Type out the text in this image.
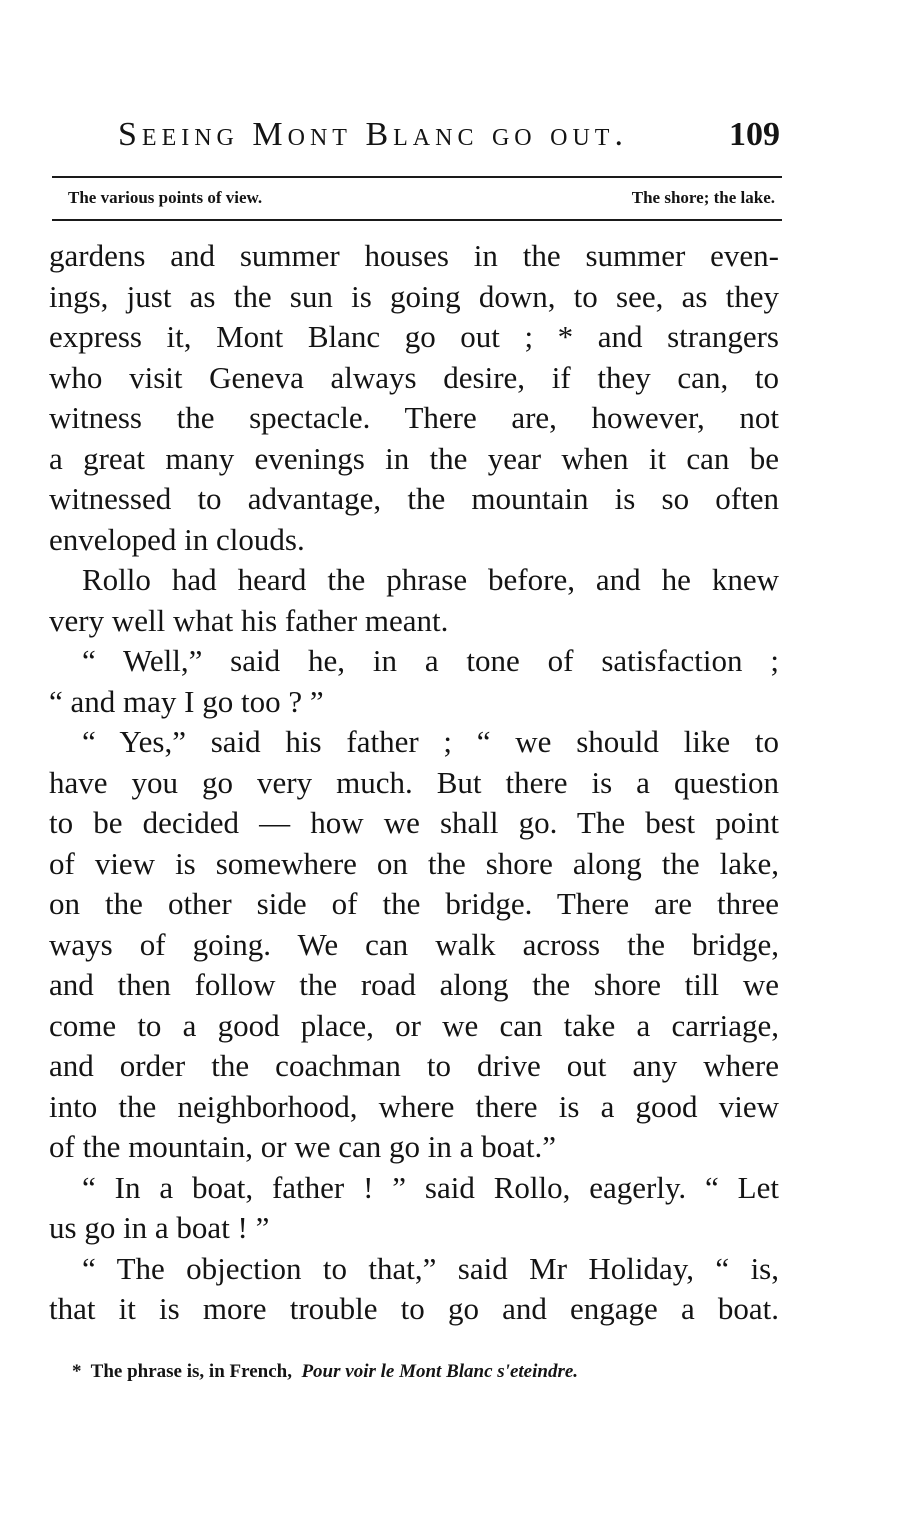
Seeing Mont Blanc go out.	109
The various points of view.	The shore; the lake.
gardens and summer houses in the summer even-
ings, just as the sun is going down, to see, as they
express it, Mont Blanc go out ; * and strangers
who visit Geneva always desire, if they can, to
witness the spectacle. There are, however, not
a great many evenings in the year when it can be
witnessed to advantage, the mountain is so often
enveloped in clouds.
Rollo had heard the phrase before, and he knew
very well what his father meant.
“ Well,” said he, in a tone of satisfaction ;
“ and may I go too ? ”
“ Yes,” said his father ; “ we should like to
have you go very much. But there is a question
to be decided — how we shall go. The best point
of view is somewhere on the shore along the lake,
on the other side of the bridge. There are three
ways of going. We can walk across the bridge,
and then follow the road along the shore till we
come to a good place, or we can take a carriage,
and order the coachman to drive out any where
into the neighborhood, where there is a good view
of the mountain, or we can go in a boat.”
“ In a boat, father ! ” said Rollo, eagerly. “ Let
us go in a boat ! ”
“ The objection to that,” said Mr Holiday, “ is,
that it is more trouble to go and engage a boat.
* The phrase is, in French, Pour voir le Mont Blanc s'eteindre.
